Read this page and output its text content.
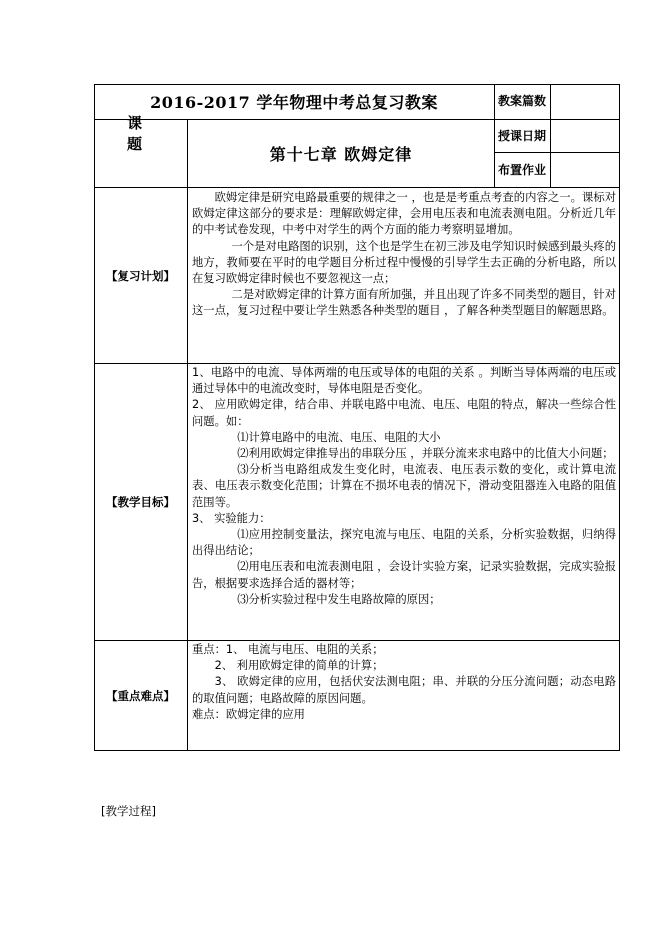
2016-2017 学年物理中考总复习教案	教案篇数
课题
第十七章 欧姆定律
授课日期
布置作业
【复习计划】

欧姆定律是研究电路最重要的规律之一 ，也是是考重点考查的内容之一。课标对欧姆定律这部分的要求是：理解欧姆定律，会用电压表和电流表测电阻。分析近几年的中考试卷发现，中考中对学生的两个方面的能力考察明显增加。

一个是对电路图的识别，这个也是学生在初三涉及电学知识时候感到最头疼的地方，教师要在平时的电学题目分析过程中慢慢的引导学生去正确的分析电路，所以在复习欧姆定律时候也不要忽视这一点；

二是对欧姆定律的计算方面有所加强，并且出现了许多不同类型的题目，针对这一点，复习过程中要让学生熟悉各种类型的题目 ，了解各种类型题目的解题思路。

【教学目标】

1、电路中的电流、导体两端的电压或导体的电阻的关系 。判断当导体两端的电压或通过导体中的电流改变时，导体电阻是否变化。

2、 应用欧姆定律，结合串、并联电路中电流、电压、电阻的特点，解决一些综合性问题。如：

⑴计算电路中的电流、电压、电阻的大小

⑵利用欧姆定律推导出的串联分压 ，并联分流来求电路中的比值大小问题；

⑶分析当电路组成发生变化时，电流表、电压表示数的变化，或计算电流表、电压表示数变化范围；计算在不损坏电表的情况下，滑动变阻器连入电路的阻值范围等。

3、 实验能力：

⑴应用控制变量法，探究电流与电压、电阻的关系，分析实验数据，归纳得出得出结论；

⑵用电压表和电流表测电阻 ，会设计实验方案，记录实验数据，完成实验报告，根据要求选择合适的器材等；

⑶分析实验过程中发生电路故障的原因；

【重点难点】

重点：1、 电流与电压、电阻的关系；

2、 利用欧姆定律的简单的计算；

3、 欧姆定律的应用，包括伏安法测电阻；串、并联的分压分流问题；动态电路的取值问题；电路故障的原因问题。

难点：欧姆定律的应用

[教学过程]
